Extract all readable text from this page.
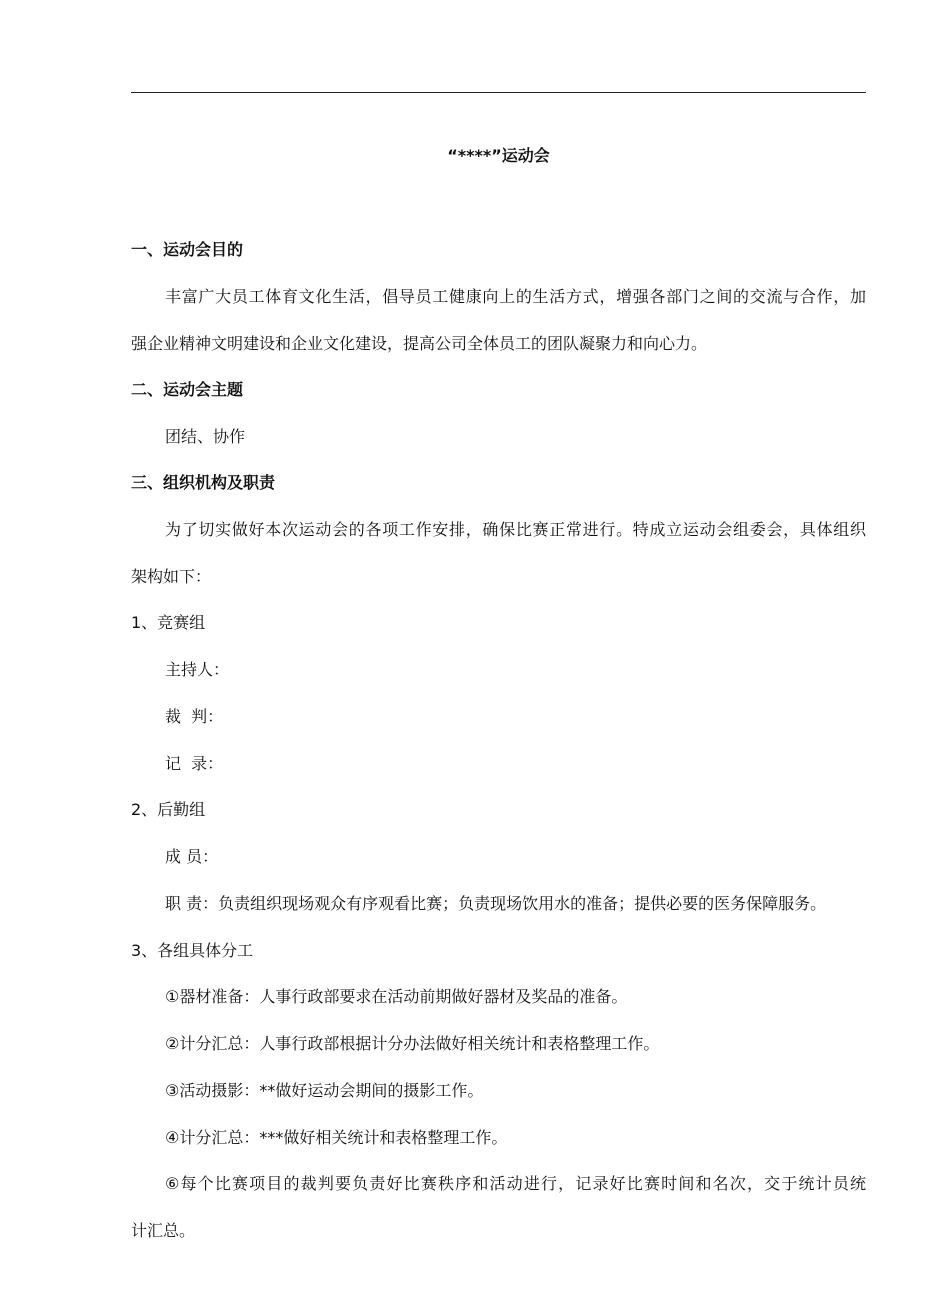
“****”运动会
一、运动会目的
丰富广大员工体育文化生活，倡导员工健康向上的生活方式，增强各部门之间的交流与合作，加
强企业精神文明建设和企业文化建设，提高公司全体员工的团队凝聚力和向心力。
二、运动会主题
团结、协作
三、组织机构及职责
为了切实做好本次运动会的各项工作安排，确保比赛正常进行。特成立运动会组委会，具体组织
架构如下：
1、竞赛组
主持人：
裁  判：
记  录：
2、后勤组
成 员：
职 责：负责组织现场观众有序观看比赛；负责现场饮用水的准备；提供必要的医务保障服务。
3、各组具体分工
①器材准备：人事行政部要求在活动前期做好器材及奖品的准备。
②计分汇总：人事行政部根据计分办法做好相关统计和表格整理工作。
③活动摄影：**做好运动会期间的摄影工作。
④计分汇总：***做好相关统计和表格整理工作。
⑥每个比赛项目的裁判要负责好比赛秩序和活动进行，记录好比赛时间和名次，交于统计员统
计汇总。
